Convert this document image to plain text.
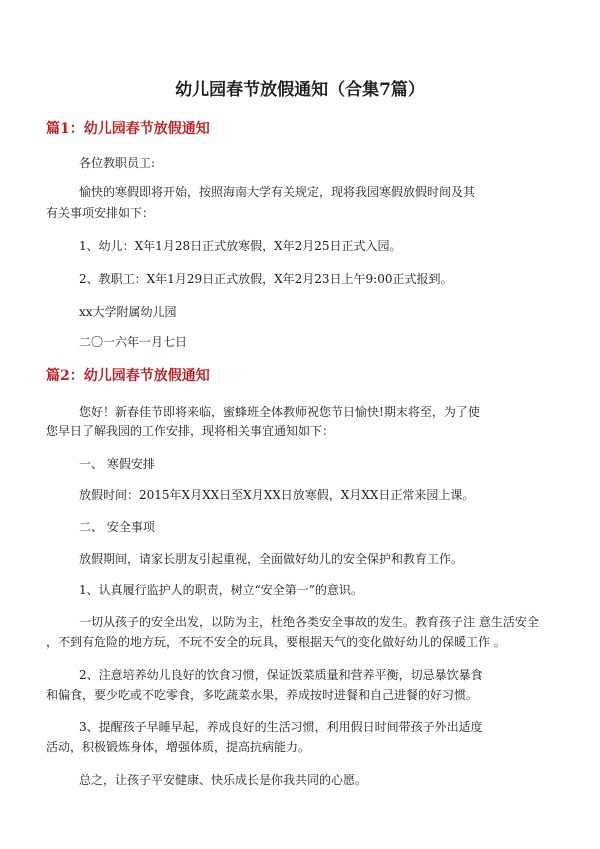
幼儿园春节放假通知（合集7篇）
篇1：幼儿园春节放假通知
各位教职员工:
愉快的寒假即将开始，按照海南大学有关规定，现将我园寒假放假时间及其
有关事项安排如下：
1、幼儿：X年1月28日正式放寒假，X年2月25日正式入园。
2、教职工：X年1月29日正式放假，X年2月23日上午9:00正式报到。
xx大学附属幼儿园
二〇一六年一月七日
篇2：幼儿园春节放假通知
您好！新春佳节即将来临，蜜蜂班全体教师祝您节日愉快!期末将至，为了使
您早日了解我园的工作安排，现将相关事宜通知如下：
一、 寒假安排
放假时间：2015年X月XX日至X月XX日放寒假，X月XX日正常来园上课。
二、 安全事项
放假期间，请家长朋友引起重视，全面做好幼儿的安全保护和教育工作。
1、认真履行监护人的职责，树立“安全第一”的意识。
一切从孩子的安全出发，以防为主，杜绝各类安全事故的发生。教育孩子注 意生活安全
，不到有危险的地方玩，不玩不安全的玩具，要根据天气的变化做好幼儿的保暖工作 。
2、注意培养幼儿良好的饮食习惯，保证饭菜质量和营养平衡，切忌暴饮暴食
和偏食，要少吃或不吃零食，多吃蔬菜水果，养成按时进餐和自己进餐的好习惯。
3、提醒孩子早睡早起，养成良好的生活习惯，利用假日时间带孩子外出适度
活动，积极锻炼身体，增强体质，提高抗病能力。
总之，让孩子平安健康、快乐成长是你我共同的心愿。
